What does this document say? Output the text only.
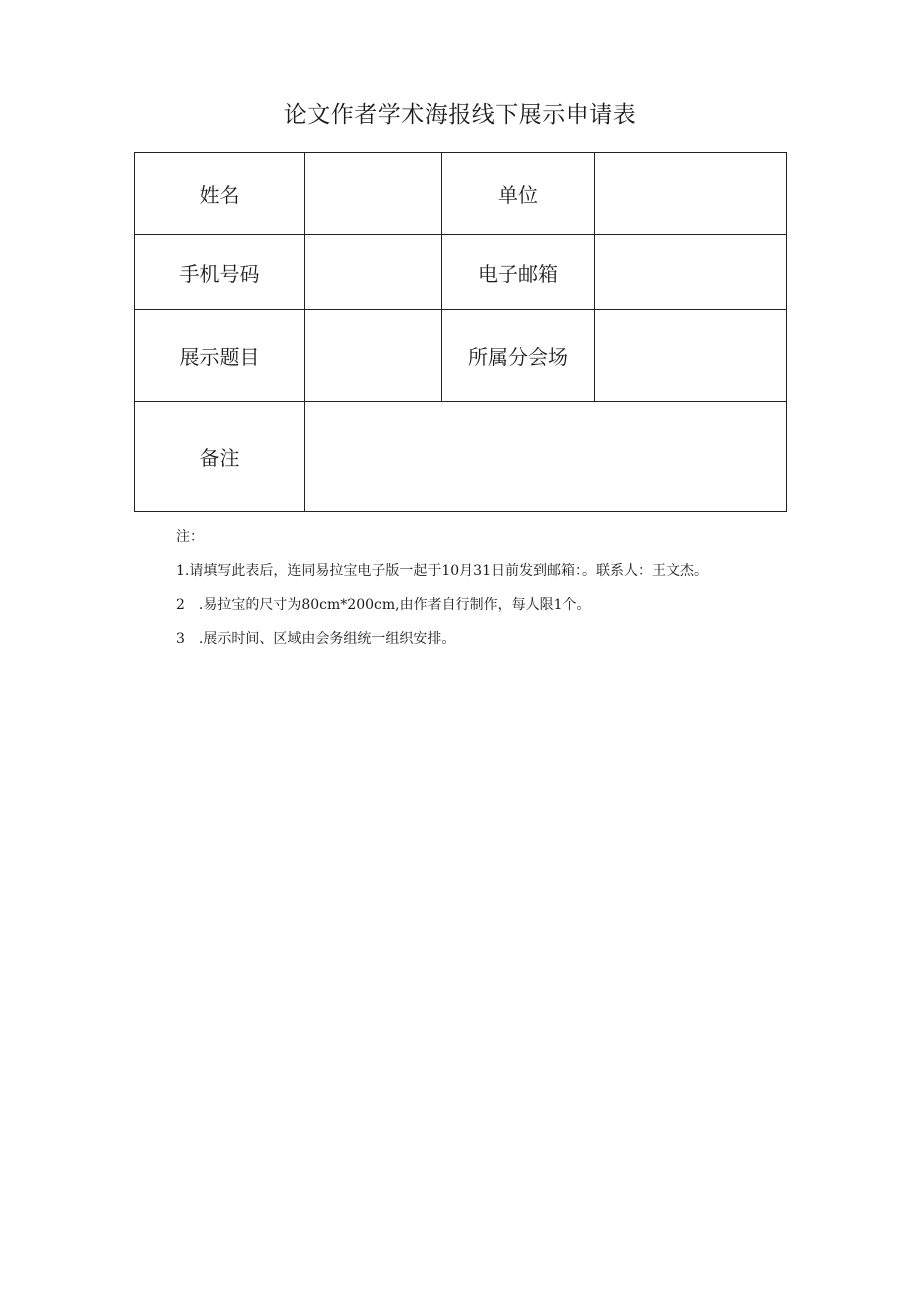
论文作者学术海报线下展示申请表
姓名		单位	
手机号码		电子邮箱	
展示题目		所属分会场	
备注	

注：

1.请填写此表后，连同易拉宝电子版一起于10月31日前发到邮箱：。联系人：王文杰。

2　.易拉宝的尺寸为80cm*200cm,由作者自行制作，每人限1个。

3　.展示时间、区域由会务组统一组织安排。
